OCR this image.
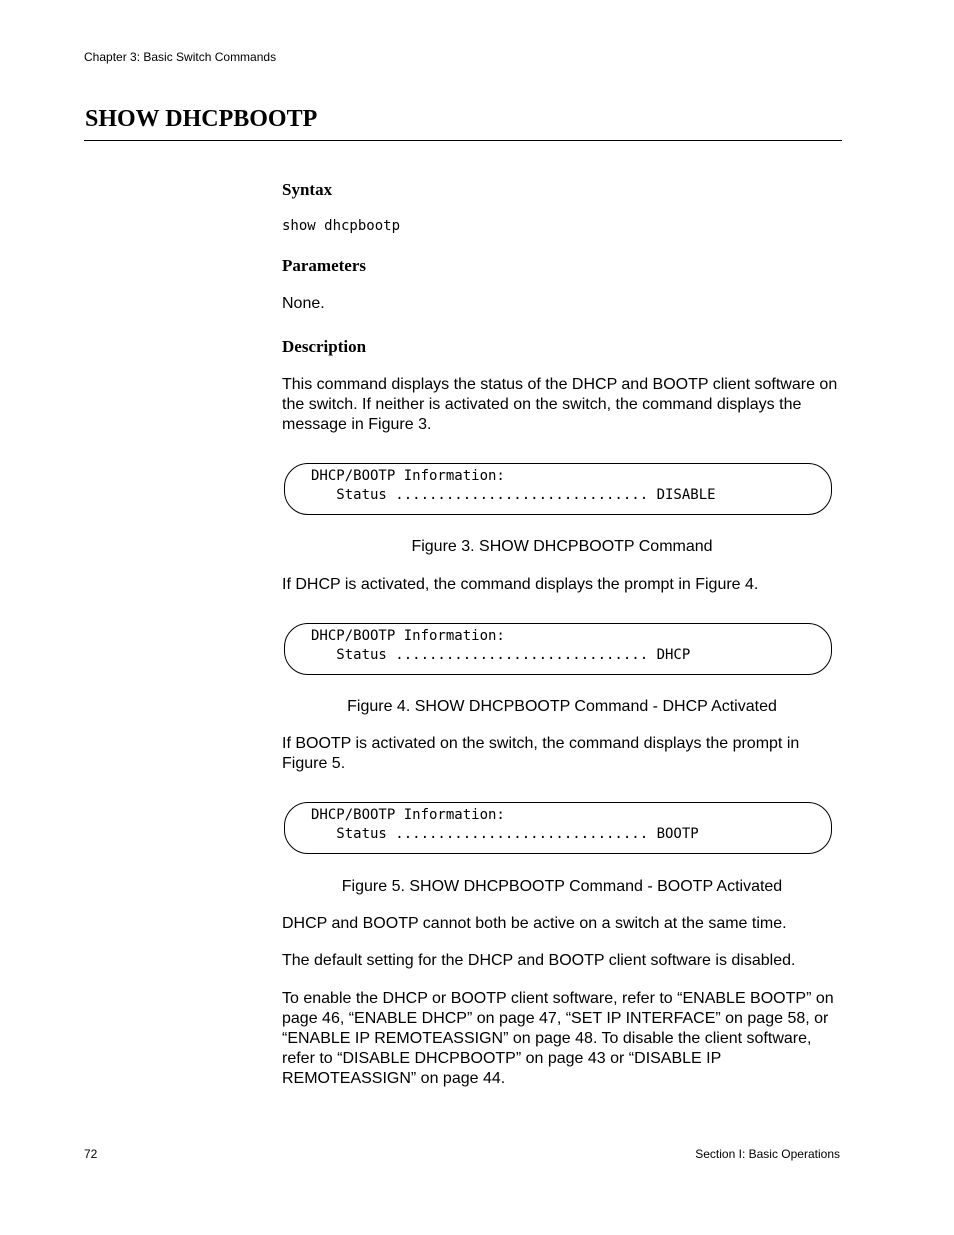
Chapter 3: Basic Switch Commands
SHOW DHCPBOOTP
Syntax
show dhcpbootp
Parameters
None.
Description
This command displays the status of the DHCP and BOOTP client software on the switch. If neither is activated on the switch, the command displays the message in Figure 3.
DHCP/BOOTP Information:
Status .............................. DISABLE
Figure 3. SHOW DHCPBOOTP Command
If DHCP is activated, the command displays the prompt in Figure 4.
DHCP/BOOTP Information:
Status .............................. DHCP
Figure 4. SHOW DHCPBOOTP Command - DHCP Activated
If BOOTP is activated on the switch, the command displays the prompt in Figure 5.
DHCP/BOOTP Information:
Status .............................. BOOTP
Figure 5. SHOW DHCPBOOTP Command - BOOTP Activated
DHCP and BOOTP cannot both be active on a switch at the same time.
The default setting for the DHCP and BOOTP client software is disabled.
To enable the DHCP or BOOTP client software, refer to “ENABLE BOOTP” on page 46, “ENABLE DHCP” on page 47, “SET IP INTERFACE” on page 58, or “ENABLE IP REMOTEASSIGN” on page 48. To disable the client software, refer to “DISABLE DHCPBOOTP” on page 43 or “DISABLE IP REMOTEASSIGN” on page 44.
72	Section I: Basic Operations
